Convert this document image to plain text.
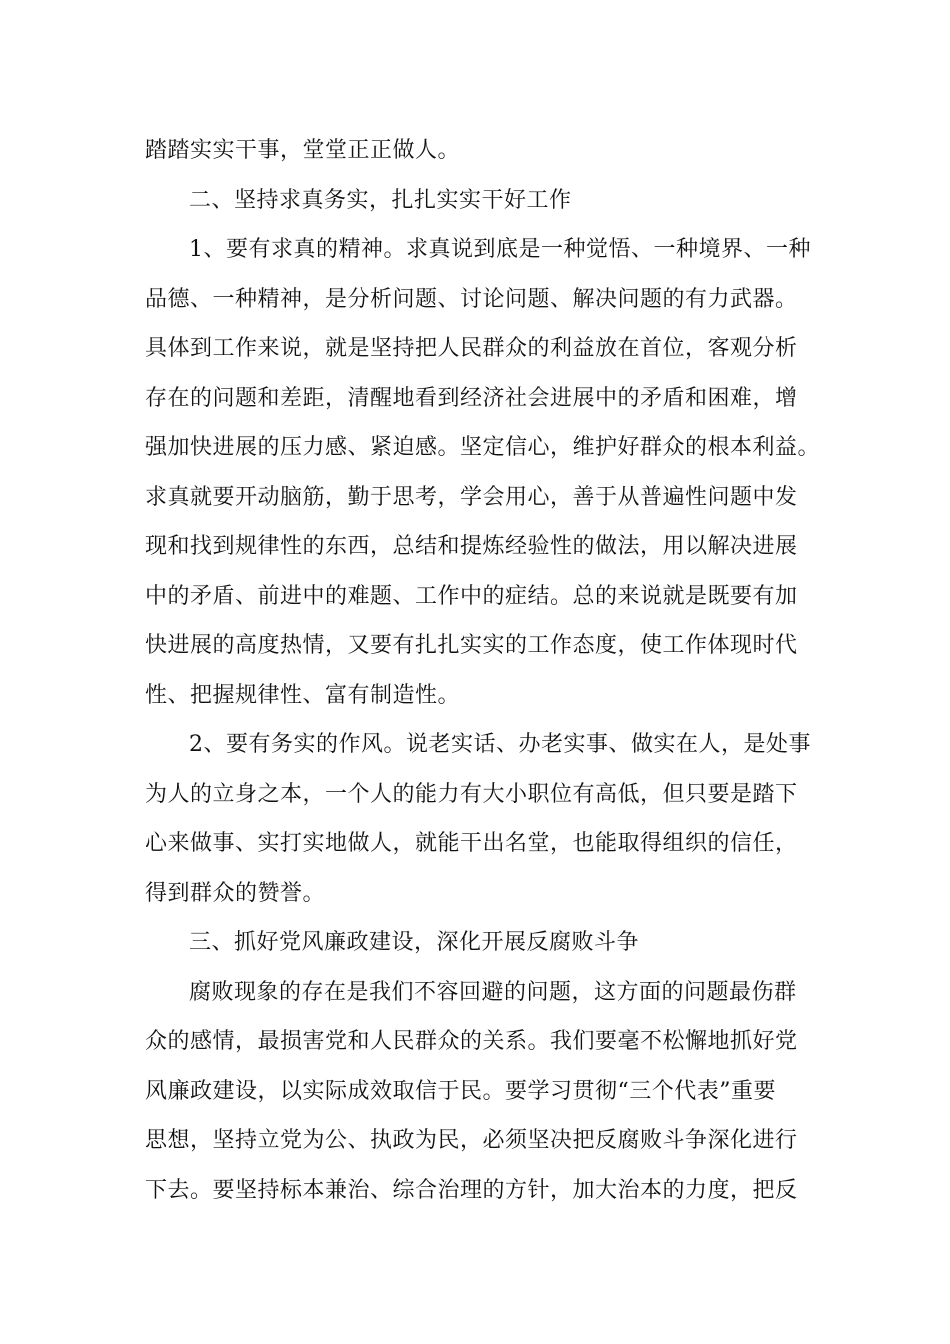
踏踏实实干事，堂堂正正做人。
二、坚持求真务实，扎扎实实干好工作
1、要有求真的精神。求真说到底是一种觉悟、一种境界、一种
品德、一种精神，是分析问题、讨论问题、解决问题的有力武器。
具体到工作来说，就是坚持把人民群众的利益放在首位，客观分析
存在的问题和差距，清醒地看到经济社会进展中的矛盾和困难，增
强加快进展的压力感、紧迫感。坚定信心，维护好群众的根本利益。
求真就要开动脑筋，勤于思考，学会用心，善于从普遍性问题中发
现和找到规律性的东西，总结和提炼经验性的做法，用以解决进展
中的矛盾、前进中的难题、工作中的症结。总的来说就是既要有加
快进展的高度热情，又要有扎扎实实的工作态度，使工作体现时代
性、把握规律性、富有制造性。
2、要有务实的作风。说老实话、办老实事、做实在人，是处事
为人的立身之本，一个人的能力有大小职位有高低，但只要是踏下
心来做事、实打实地做人，就能干出名堂，也能取得组织的信任，
得到群众的赞誉。
三、抓好党风廉政建设，深化开展反腐败斗争
腐败现象的存在是我们不容回避的问题，这方面的问题最伤群
众的感情，最损害党和人民群众的关系。我们要毫不松懈地抓好党
风廉政建设，以实际成效取信于民。要学习贯彻“三个代表”重要
思想，坚持立党为公、执政为民，必须坚决把反腐败斗争深化进行
下去。要坚持标本兼治、综合治理的方针，加大治本的力度，把反
